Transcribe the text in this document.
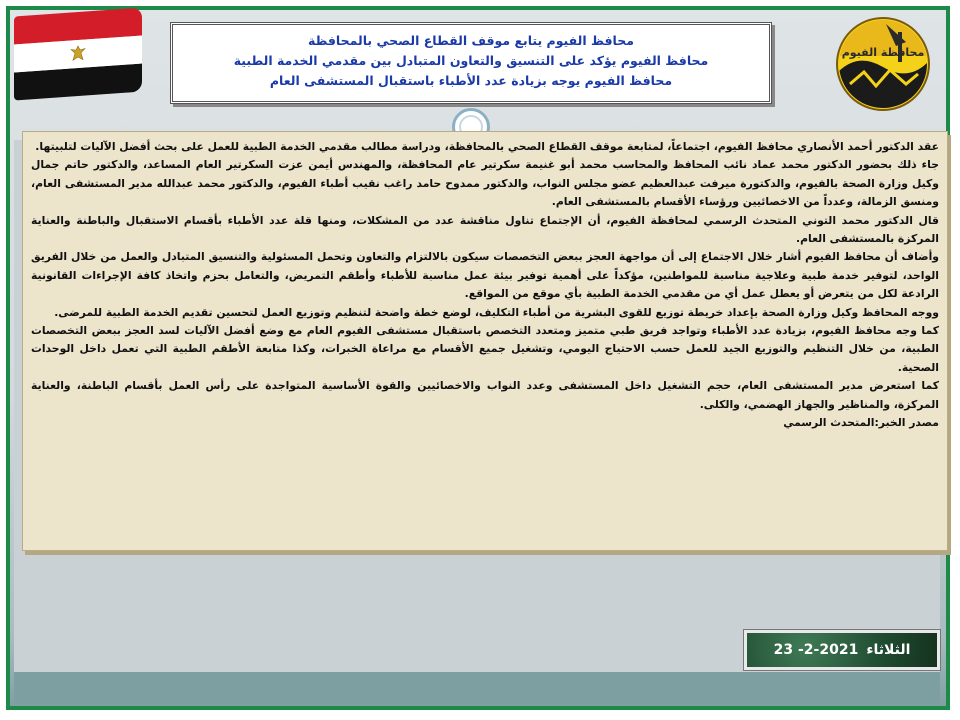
محافظ الفيوم يتابع موقف القطاع الصحي بالمحافظة
محافظ الفيوم يؤكد على التنسيق والتعاون المتبادل بين مقدمي الخدمة الطبية
محافظ الفيوم يوجه بزيادة عدد الأطباء باستقبال المستشفى العام
محافظة الفيوم

عقد الدكتور أحمد الأنصاري محافظ الفيوم، اجتماعاً، لمتابعة موقف القطاع الصحي بالمحافظة، ودراسة مطالب مقدمي الخدمة الطبية للعمل على بحث أفضل الآليات لتلبيتها.

جاء ذلك بحضور الدكتور محمد عماد نائب المحافظ والمحاسب محمد أبو غنيمة سكرتير عام المحافظة، والمهندس أيمن عزت السكرتير العام المساعد، والدكتور حاتم جمال وكيل وزارة الصحة بالفيوم، والدكتورة ميرفت عبدالعظيم عضو مجلس النواب، والدكتور ممدوح حامد راغب نقيب أطباء الفيوم، والدكتور محمد عبدالله مدير المستشفى العام، ومنسق الزمالة، وعدداً من الاخصائيين ورؤساء الأقسام بالمستشفى العام.

قال الدكتور محمد التوني المتحدث الرسمي لمحافظة الفيوم، أن الإجتماع تناول مناقشة عدد من المشكلات، ومنها قلة عدد الأطباء بأقسام الاستقبال والباطنة والعناية المركزة بالمستشفى العام.

وأضاف أن محافظ الفيوم أشار خلال الاجتماع إلى أن مواجهة العجز ببعض التخصصات سيكون بالالتزام والتعاون وتحمل المسئولية والتنسيق المتبادل والعمل من خلال الفريق الواحد، لتوفير خدمة طبية وعلاجية مناسبة للمواطنين، مؤكداً على أهمية توفير بيئة عمل مناسبة للأطباء وأطقم التمريض، والتعامل بحزم واتخاذ كافة الإجراءات القانونية الرادعة لكل من يتعرض أو يعطل عمل أي من مقدمي الخدمة الطبية بأي موقع من المواقع.

ووجه المحافظ وكيل وزارة الصحة بإعداد خريطة توزيع للقوى البشرية من أطباء التكليف، لوضع خطة واضحة لتنظيم وتوزيع العمل لتحسين تقديم الخدمة الطبية للمرضى.

كما وجه محافظ الفيوم، بزيادة عدد الأطباء وتواجد فريق طبي متميز ومتعدد التخصص باستقبال مستشفى الفيوم العام مع وضع أفضل الآليات لسد العجز ببعض التخصصات الطبية، من خلال التنظيم والتوزيع الجيد للعمل حسب الاحتياج اليومي، وتشغيل جميع الأقسام مع مراعاة الخبرات، وكذا متابعة الأطقم الطبية التي تعمل داخل الوحدات الصحية.

كما استعرض مدير المستشفى العام، حجم التشغيل داخل المستشفى وعدد النواب والاخصائيين والقوة الأساسية المتواجدة على رأس العمل بأقسام الباطنة، والعناية المركزة، والمناظير والجهاز الهضمي، والكلى.

مصدر الخبر:المتحدث الرسمي

الثلاثاء
23 -2-2021
